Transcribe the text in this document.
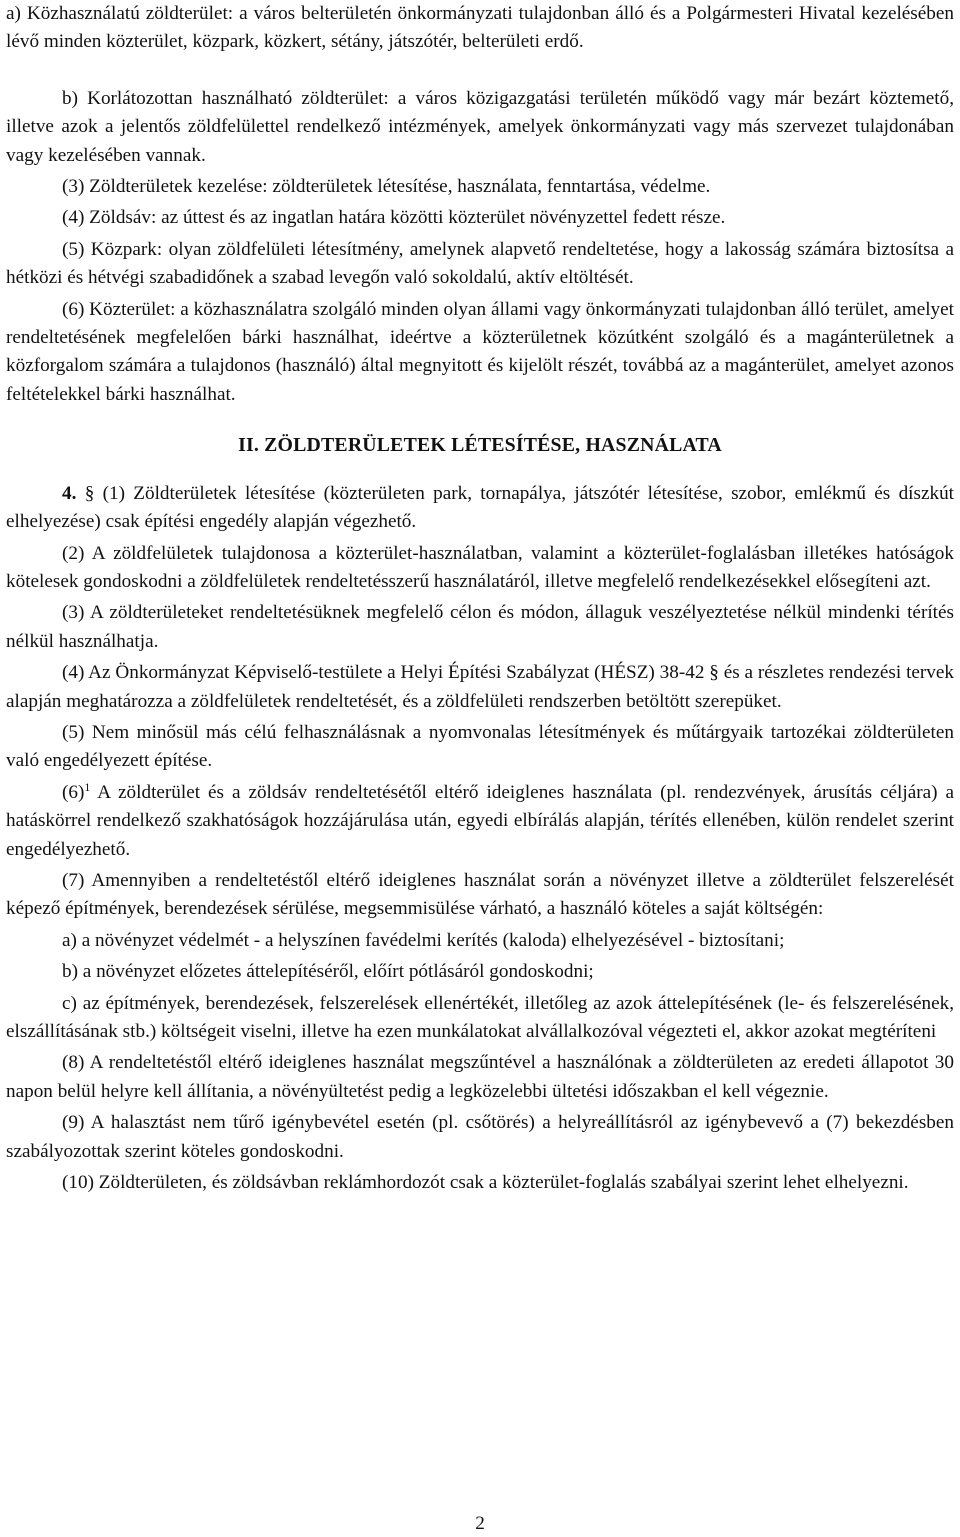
a) Közhasználatú zöldterület: a város belterületén önkormányzati tulajdonban álló és a Polgármesteri Hivatal kezelésében lévő minden közterület, közpark, közkert, sétány, játszótér, belterületi erdő.

b) Korlátozottan használható zöldterület: a város közigazgatási területén működő vagy már bezárt köztemető, illetve azok a jelentős zöldfelülettel rendelkező intézmények, amelyek önkormányzati vagy más szervezet tulajdonában vagy kezelésében vannak.

(3) Zöldterületek kezelése: zöldterületek létesítése, használata, fenntartása, védelme.

(4) Zöldsáv: az úttest és az ingatlan határa közötti közterület növényzettel fedett része.

(5) Közpark: olyan zöldfelületi létesítmény, amelynek alapvető rendeltetése, hogy a lakosság számára biztosítsa a hétközi és hétvégi szabadidőnek a szabad levegőn való sokoldalú, aktív eltöltését.

(6) Közterület: a közhasználatra szolgáló minden olyan állami vagy önkormányzati tulajdonban álló terület, amelyet rendeltetésének megfelelően bárki használhat, ideértve a közterületnek közútként szolgáló és a magánterületnek a közforgalom számára a tulajdonos (használó) által megnyitott és kijelölt részét, továbbá az a magánterület, amelyet azonos feltételekkel bárki használhat.

II. ZÖLDTERÜLETEK LÉTESÍTÉSE, HASZNÁLATA

4. § (1) Zöldterületek létesítése (közterületen park, tornapálya, játszótér létesítése, szobor, emlékmű és díszkút elhelyezése) csak építési engedély alapján végezhető.

(2) A zöldfelületek tulajdonosa a közterület-használatban, valamint a közterület-foglalásban illetékes hatóságok kötelesek gondoskodni a zöldfelületek rendeltetésszerű használatáról, illetve megfelelő rendelkezésekkel elősegíteni azt.

(3) A zöldterületeket rendeltetésüknek megfelelő célon és módon, állaguk veszélyeztetése nélkül mindenki térítés nélkül használhatja.

(4) Az Önkormányzat Képviselő-testülete a Helyi Építési Szabályzat (HÉSZ) 38-42 § és a részletes rendezési tervek alapján meghatározza a zöldfelületek rendeltetését, és a zöldfelületi rendszerben betöltött szerepüket.

(5) Nem minősül más célú felhasználásnak a nyomvonalas létesítmények és műtárgyaik tartozékai zöldterületen való engedélyezett építése.

$(6)^1$ A zöldterület és a zöldsáv rendeltetésétől eltérő ideiglenes használata (pl. rendezvények, árusítás céljára) a hatáskörrel rendelkező szakhatóságok hozzájárulása után, egyedi elbírálás alapján, térítés ellenében, külön rendelet szerint engedélyezhető.

(7) Amennyiben a rendeltetéstől eltérő ideiglenes használat során a növényzet illetve a zöldterület felszerelését képező építmények, berendezések sérülése, megsemmisülése várható, a használó köteles a saját költségén:

a) a növényzet védelmét - a helyszínen favédelmi kerítés (kaloda) elhelyezésével - biztosítani;

b) a növényzet előzetes áttelepítéséről, előírt pótlásáról gondoskodni;

c) az építmények, berendezések, felszerelések ellenértékét, illetőleg az azok áttelepítésének (le- és felszerelésének, elszállításának stb.) költségeit viselni, illetve ha ezen munkálatokat alvállalkozóval végezteti el, akkor azokat megtéríteni

(8) A rendeltetéstől eltérő ideiglenes használat megszűntével a használónak a zöldterületen az eredeti állapotot 30 napon belül helyre kell állítania, a növényültetést pedig a legközelebbi ültetési időszakban el kell végeznie.

(9) A halasztást nem tűrő igénybevétel esetén (pl. csőtörés) a helyreállításról az igénybevevő a (7) bekezdésben szabályozottak szerint köteles gondoskodni.

(10) Zöldterületen, és zöldsávban reklámhordozót csak a közterület-foglalás szabályai szerint lehet elhelyezni.

2
